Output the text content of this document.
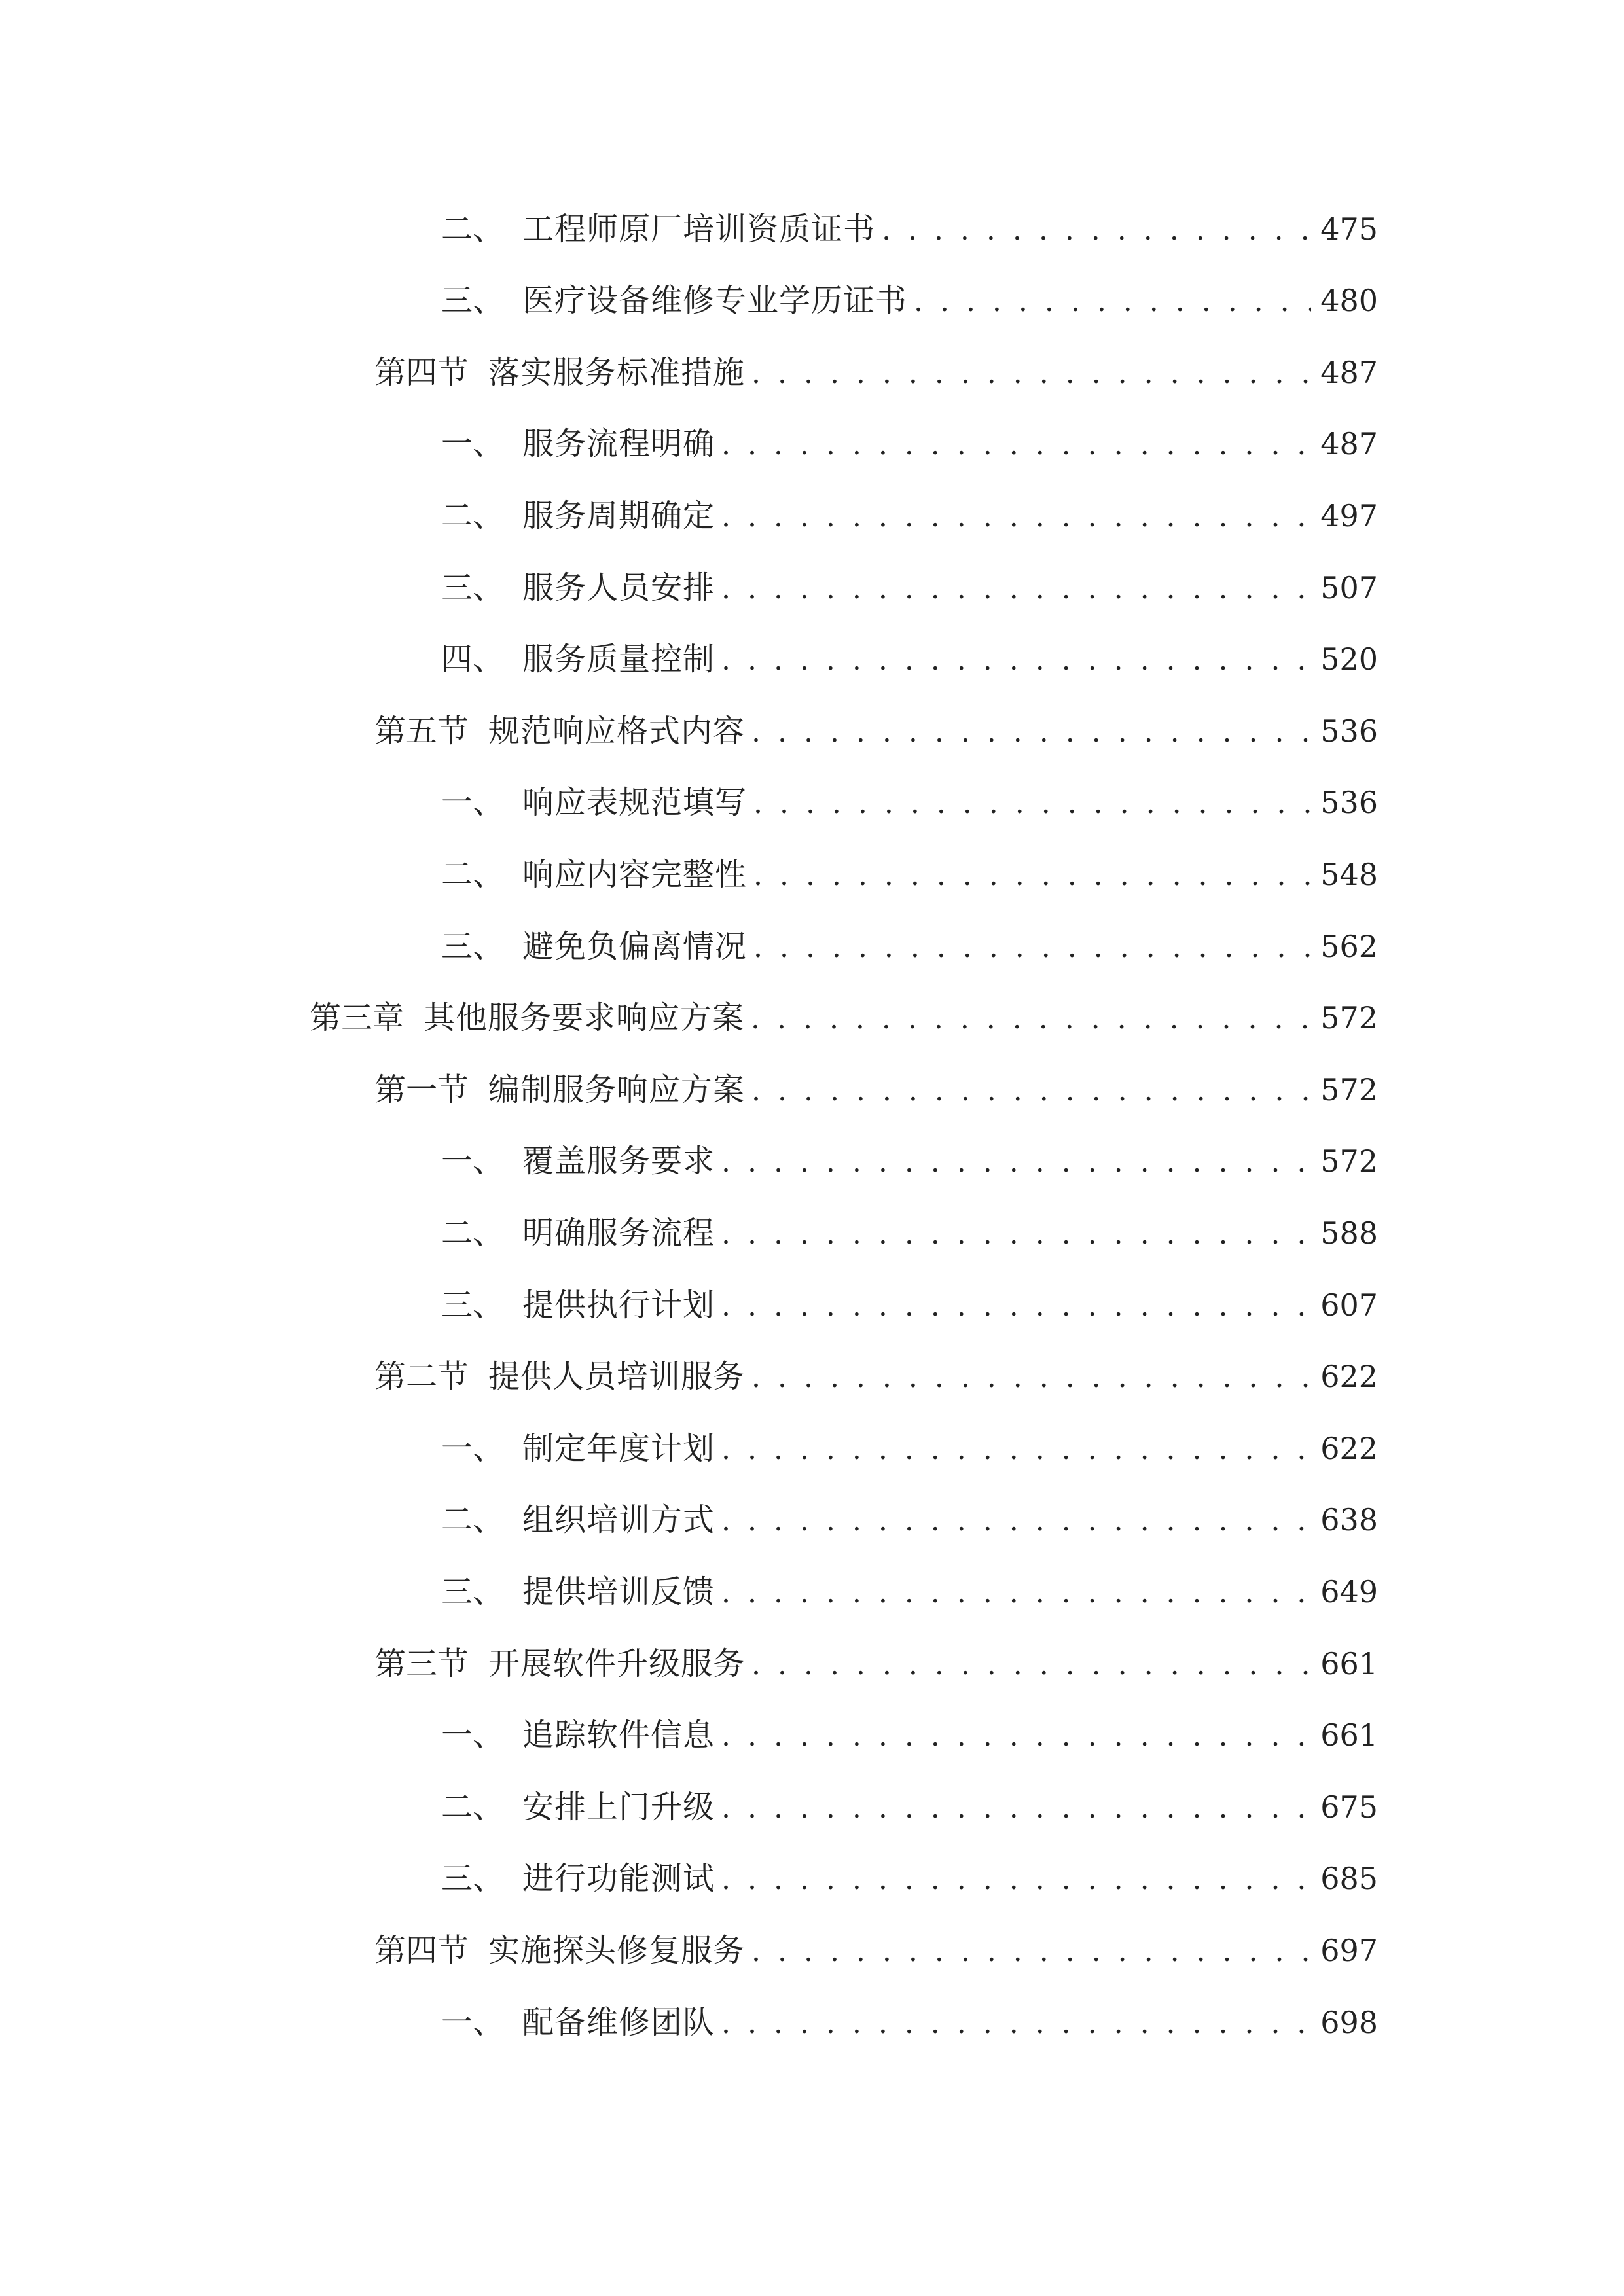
二、 工程师原厂培训资质证书 . . .	475
三、 医疗设备维修专业学历证书 . . .	480
第四节 落实服务标准措施 . . .	487
一、 服务流程明确 . . .	487
二、 服务周期确定 . . .	497
三、 服务人员安排 . . .	507
四、 服务质量控制 . . .	520
第五节 规范响应格式内容 . . .	536
一、 响应表规范填写 . . .	536
二、 响应内容完整性 . . .	548
三、 避免负偏离情况 . . .	562
第三章 其他服务要求响应方案 . . .	572
第一节 编制服务响应方案 . . .	572
一、 覆盖服务要求 . . .	572
二、 明确服务流程 . . .	588
三、 提供执行计划 . . .	607
第二节 提供人员培训服务 . . .	622
一、 制定年度计划 . . .	622
二、 组织培训方式 . . .	638
三、 提供培训反馈 . . .	649
第三节 开展软件升级服务 . . .	661
一、 追踪软件信息 . . .	661
二、 安排上门升级 . . .	675
三、 进行功能测试 . . .	685
第四节 实施探头修复服务 . . .	697
一、 配备维修团队 . . .	698
